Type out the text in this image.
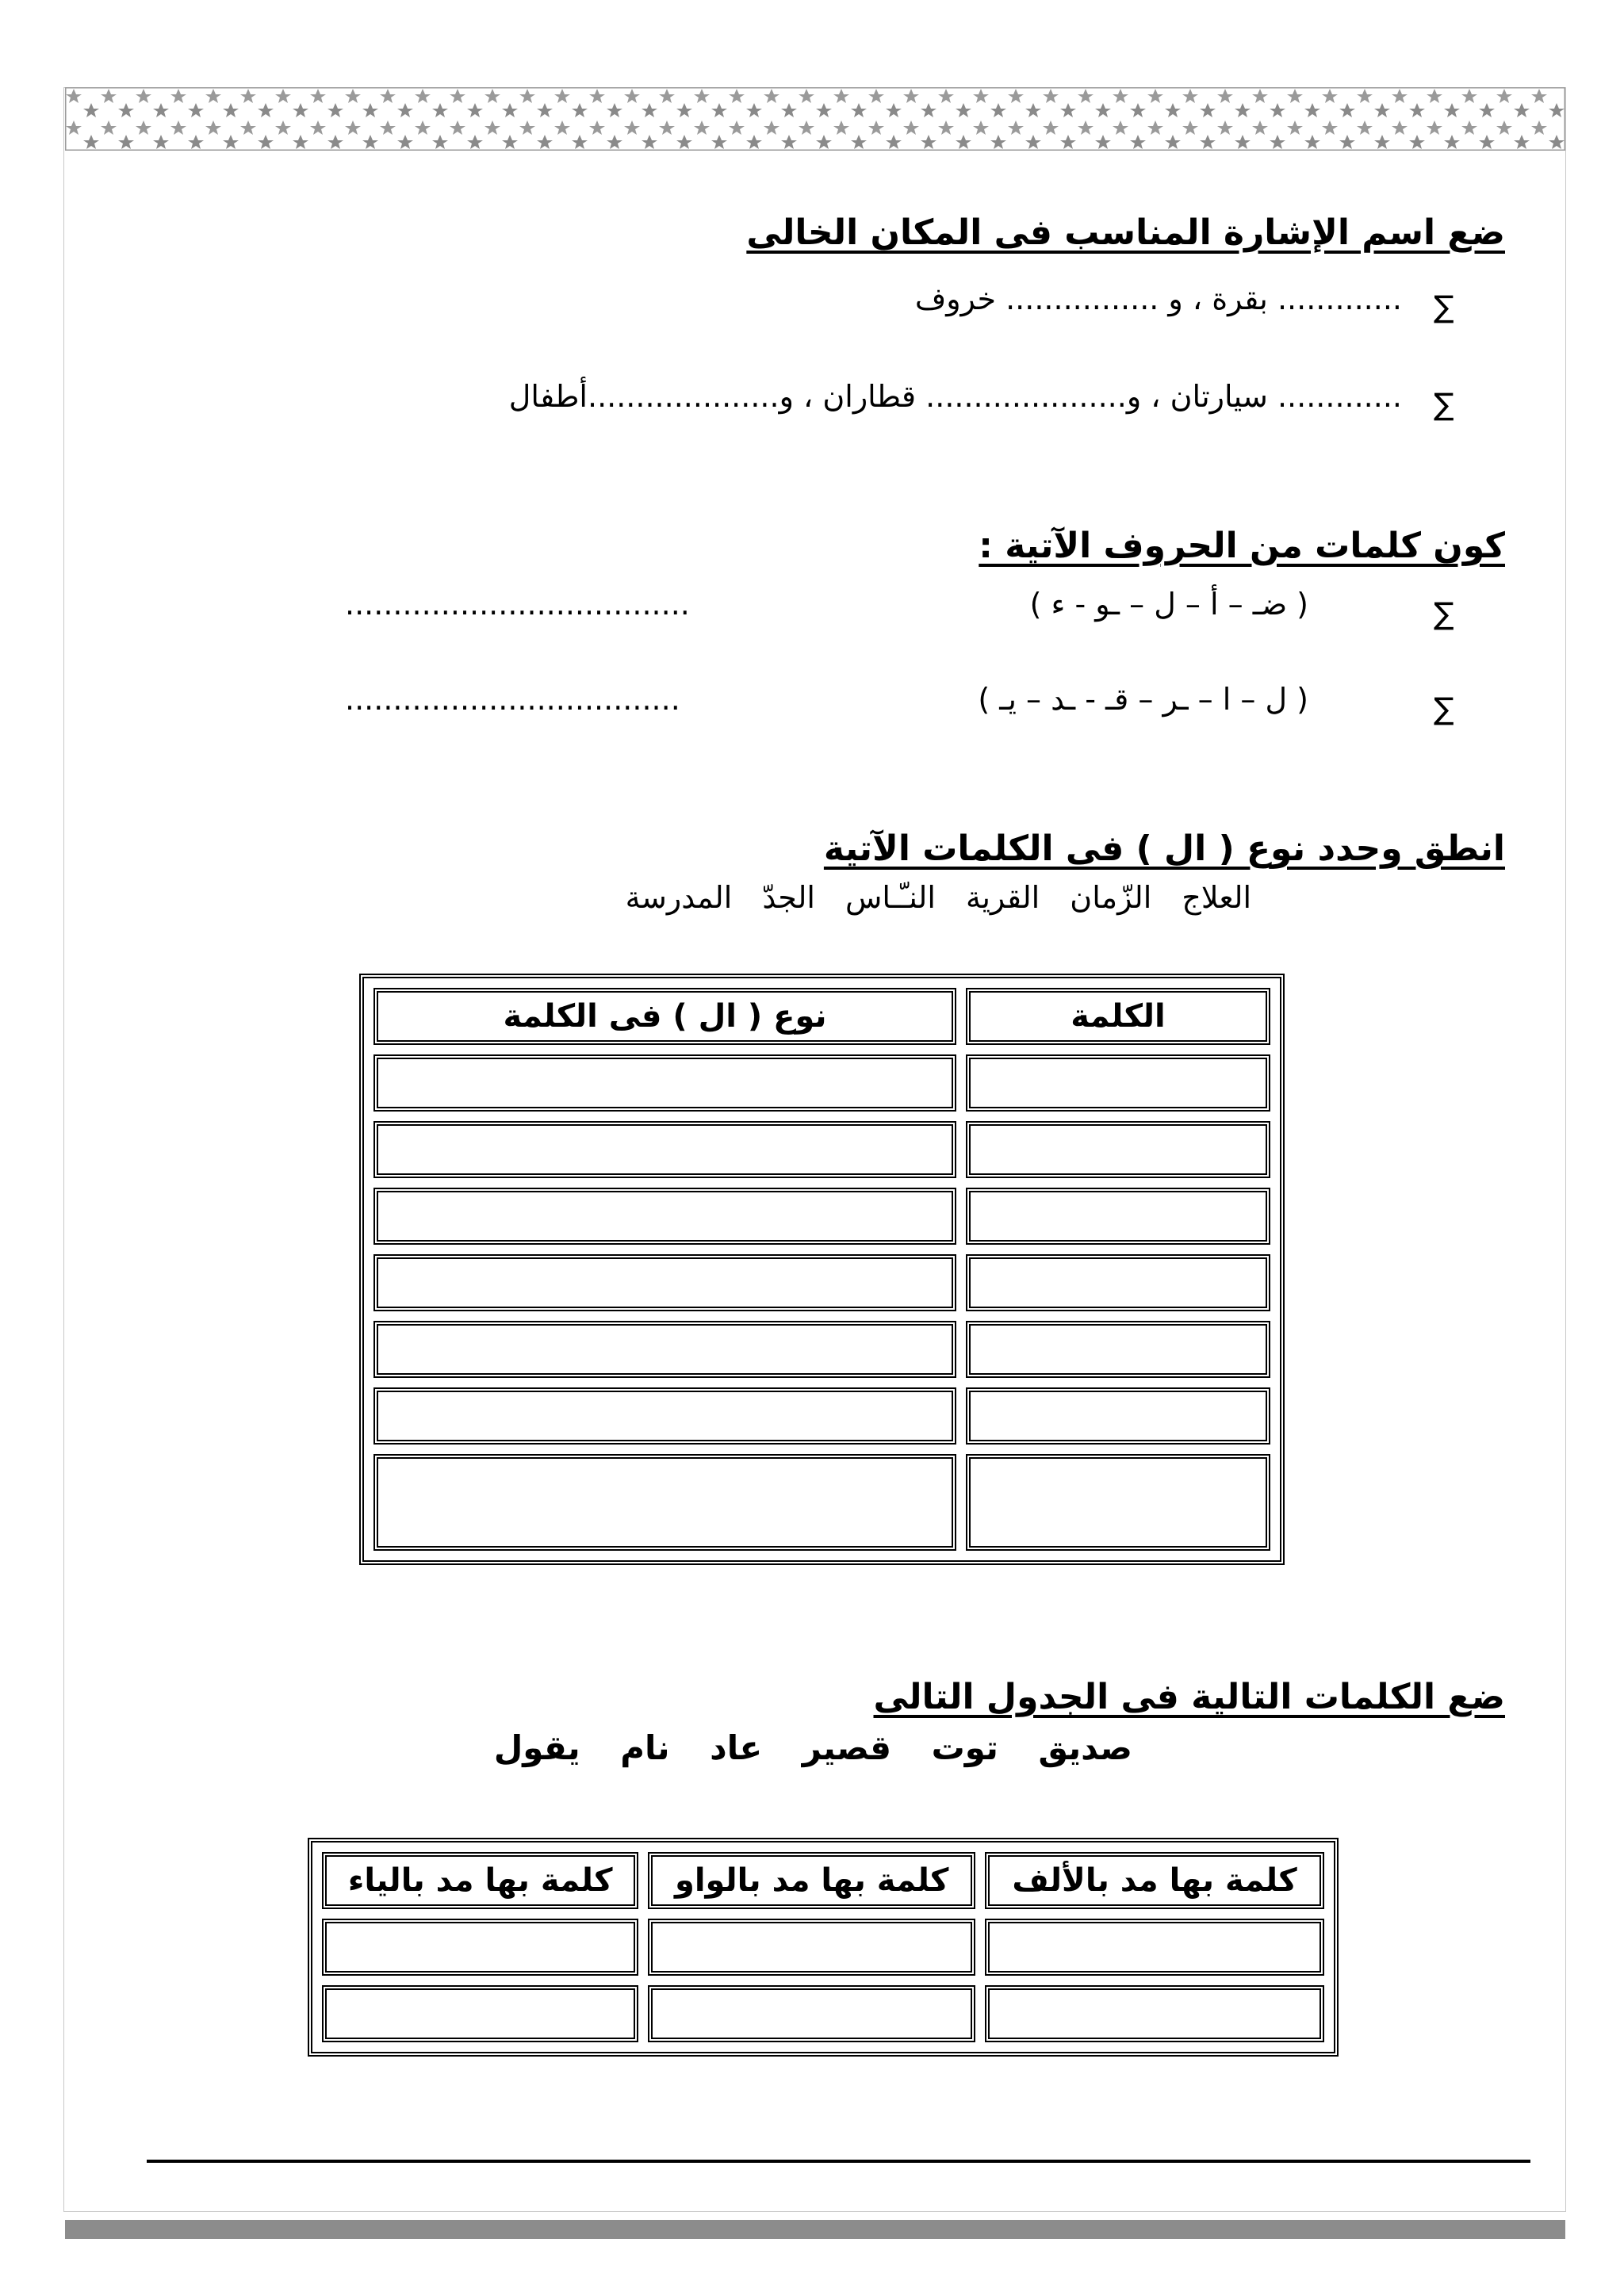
ضع اسم الإشارة المناسب فى المكان الخالى
∑
............. بقرة ، و ................ خروف
∑
............. سيارتان ، و..................... قطاران ، و....................أطفال
كون كلمات من الحروف الآتية :
∑
( ضـ – أ – ل – ـو - ء )
....................................
∑
( ل – ا – ـر – قـ - ـد – يـ )
...................................
انطق وحدد نوع ( ال ) فى الكلمات الآتية
العلاج الزّمان القرية النـّـاس الجدّ المدرسة
الكلمة	نوع ( ال ) فى الكلمة

ضع الكلمات التالية فى الجدول التالى
صديق توت قصير عاد نام يقول
كلمة بها مد بالألف	كلمة بها مد بالواو	كلمة بها مد بالياء
